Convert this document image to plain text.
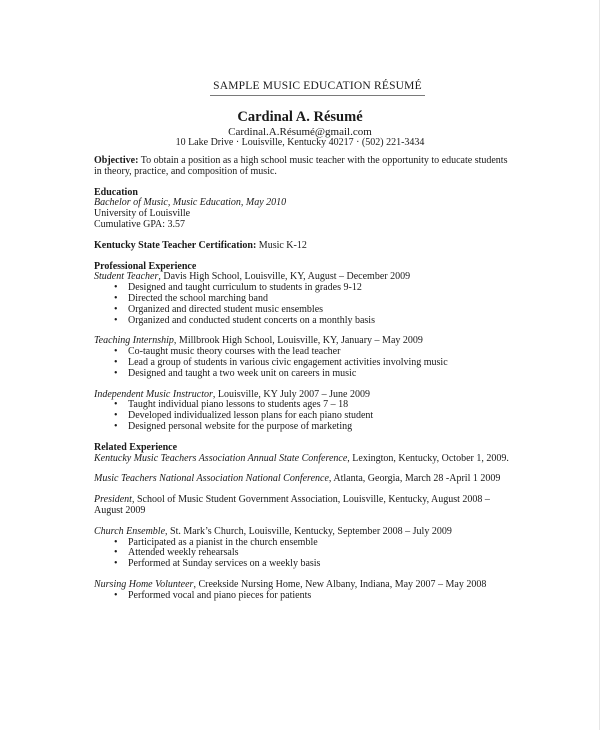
SAMPLE MUSIC EDUCATION RÉSUMÉ
Cardinal A. Résumé
Cardinal.A.Résumé@gmail.com
10 Lake Drive · Louisville, Kentucky 40217 · (502) 221-3434

Objective: To obtain a position as a high school music teacher with the opportunity to educate students in theory, practice, and composition of music.

Education

Bachelor of Music, Music Education, May 2010

University of Louisville

Cumulative GPA: 3.57

Kentucky State Teacher Certification: Music K-12

Professional Experience

Student Teacher, Davis High School, Louisville, KY, August – December 2009

• Designed and taught curriculum to students in grades 9-12
• Directed the school marching band
• Organized and directed student music ensembles
• Organized and conducted student concerts on a monthly basis

Teaching Internship, Millbrook High School, Louisville, KY, January – May 2009

• Co-taught music theory courses with the lead teacher
• Lead a group of students in various civic engagement activities involving music
• Designed and taught a two week unit on careers in music

Independent Music Instructor, Louisville, KY July 2007 – June 2009

• Taught individual piano lessons to students ages 7 – 18
• Developed individualized lesson plans for each piano student
• Designed personal website for the purpose of marketing

Related Experience

Kentucky Music Teachers Association Annual State Conference, Lexington, Kentucky, October 1, 2009.

Music Teachers National Association National Conference, Atlanta, Georgia, March 28 -April 1 2009

President, School of Music Student Government Association, Louisville, Kentucky, August 2008 – August 2009

Church Ensemble, St. Mark’s Church, Louisville, Kentucky, September 2008 – July 2009

• Participated as a pianist in the church ensemble
• Attended weekly rehearsals
• Performed at Sunday services on a weekly basis

Nursing Home Volunteer, Creekside Nursing Home, New Albany, Indiana, May 2007 – May 2008

• Performed vocal and piano pieces for patients
